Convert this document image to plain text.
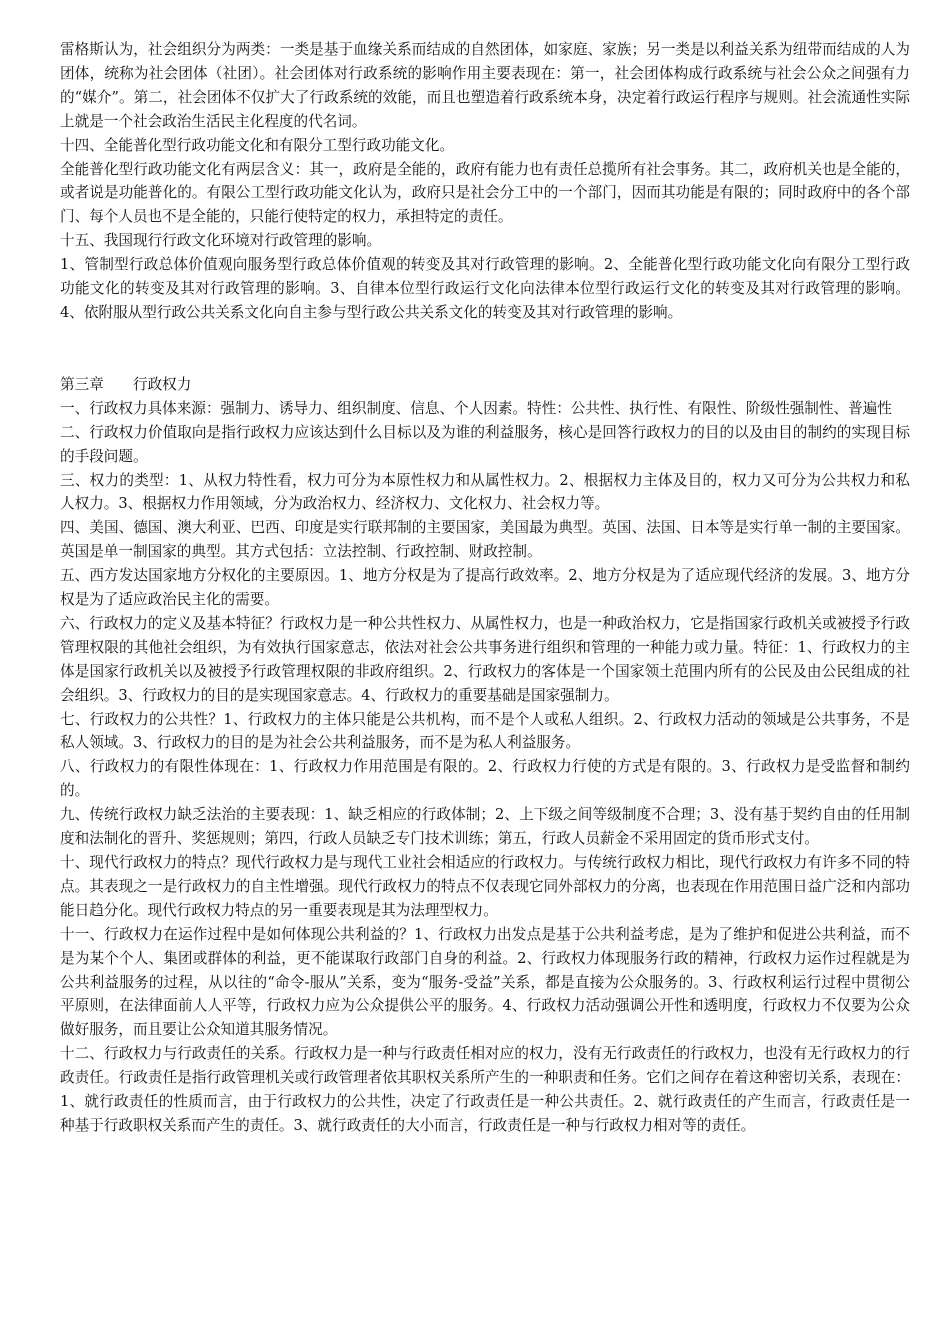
雷格斯认为，社会组织分为两类：一类是基于血缘关系而结成的自然团体，如家庭、家族；另一类是以利益关系为纽带而结成的人为团体，统称为社会团体（社团）。社会团体对行政系统的影响作用主要表现在：第一，社会团体构成行政系统与社会公众之间强有力的“媒介”。第二，社会团体不仅扩大了行政系统的效能，而且也塑造着行政系统本身，决定着行政运行程序与规则。社会流通性实际上就是一个社会政治生活民主化程度的代名词。

十四、全能普化型行政功能文化和有限分工型行政功能文化。

全能普化型行政功能文化有两层含义：其一，政府是全能的，政府有能力也有责任总揽所有社会事务。其二，政府机关也是全能的，或者说是功能普化的。有限公工型行政功能文化认为，政府只是社会分工中的一个部门，因而其功能是有限的；同时政府中的各个部门、每个人员也不是全能的，只能行使特定的权力，承担特定的责任。

十五、我国现行行政文化环境对行政管理的影响。

1、管制型行政总体价值观向服务型行政总体价值观的转变及其对行政管理的影响。2、全能普化型行政功能文化向有限分工型行政功能文化的转变及其对行政管理的影响。3、自律本位型行政运行文化向法律本位型行政运行文化的转变及其对行政管理的影响。4、依附服从型行政公共关系文化向自主参与型行政公共关系文化的转变及其对行政管理的影响。

第三章　　行政权力

一、行政权力具体来源：强制力、诱导力、组织制度、信息、个人因素。特性：公共性、执行性、有限性、阶级性强制性、普遍性

二、行政权力价值取向是指行政权力应该达到什么目标以及为谁的利益服务，核心是回答行政权力的目的以及由目的制约的实现目标的手段问题。

三、权力的类型：1、从权力特性看，权力可分为本原性权力和从属性权力。2、根据权力主体及目的，权力又可分为公共权力和私人权力。3、根据权力作用领域，分为政治权力、经济权力、文化权力、社会权力等。

四、美国、德国、澳大利亚、巴西、印度是实行联邦制的主要国家，美国最为典型。英国、法国、日本等是实行单一制的主要国家。英国是单一制国家的典型。其方式包括：立法控制、行政控制、财政控制。

五、西方发达国家地方分权化的主要原因。1、地方分权是为了提高行政效率。2、地方分权是为了适应现代经济的发展。3、地方分权是为了适应政治民主化的需要。

六、行政权力的定义及基本特征？行政权力是一种公共性权力、从属性权力，也是一种政治权力，它是指国家行政机关或被授予行政管理权限的其他社会组织，为有效执行国家意志，依法对社会公共事务进行组织和管理的一种能力或力量。特征：1、行政权力的主体是国家行政机关以及被授予行政管理权限的非政府组织。2、行政权力的客体是一个国家领土范围内所有的公民及由公民组成的社会组织。3、行政权力的目的是实现国家意志。4、行政权力的重要基础是国家强制力。

七、行政权力的公共性？1、行政权力的主体只能是公共机构，而不是个人或私人组织。2、行政权力活动的领域是公共事务，不是私人领域。3、行政权力的目的是为社会公共利益服务，而不是为私人利益服务。

八、行政权力的有限性体现在：1、行政权力作用范围是有限的。2、行政权力行使的方式是有限的。3、行政权力是受监督和制约的。

九、传统行政权力缺乏法治的主要表现：1、缺乏相应的行政体制；2、上下级之间等级制度不合理；3、没有基于契约自由的任用制度和法制化的晋升、奖惩规则；第四，行政人员缺乏专门技术训练；第五，行政人员薪金不采用固定的货币形式支付。

十、现代行政权力的特点？现代行政权力是与现代工业社会相适应的行政权力。与传统行政权力相比，现代行政权力有许多不同的特点。其表现之一是行政权力的自主性增强。现代行政权力的特点不仅表现它同外部权力的分离，也表现在作用范围日益广泛和内部功能日趋分化。现代行政权力特点的另一重要表现是其为法理型权力。

十一、行政权力在运作过程中是如何体现公共利益的？1、行政权力出发点是基于公共利益考虑，是为了维护和促进公共利益，而不是为某个个人、集团或群体的利益，更不能谋取行政部门自身的利益。2、行政权力体现服务行政的精神，行政权力运作过程就是为公共利益服务的过程，从以往的“命令-服从”关系，变为“服务-受益”关系，都是直接为公众服务的。3、行政权利运行过程中贯彻公平原则，在法律面前人人平等，行政权力应为公众提供公平的服务。4、行政权力活动强调公开性和透明度，行政权力不仅要为公众做好服务，而且要让公众知道其服务情况。

十二、行政权力与行政责任的关系。行政权力是一种与行政责任相对应的权力，没有无行政责任的行政权力，也没有无行政权力的行政责任。行政责任是指行政管理机关或行政管理者依其职权关系所产生的一种职责和任务。它们之间存在着这种密切关系，表现在：1、就行政责任的性质而言，由于行政权力的公共性，决定了行政责任是一种公共责任。2、就行政责任的产生而言，行政责任是一种基于行政职权关系而产生的责任。3、就行政责任的大小而言，行政责任是一种与行政权力相对等的责任。
